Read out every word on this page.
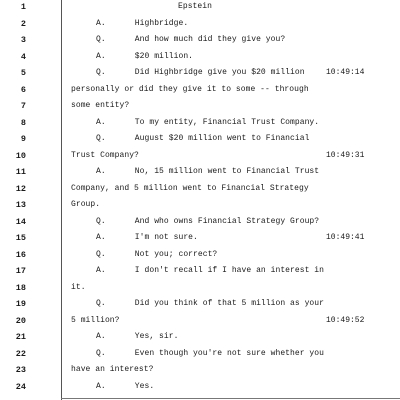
1	Epstein
2	A.      Highbridge.
3	Q.      And how much did they give you?
4	A.      $20 million.
5	Q.      Did Highbridge give you $20 million	10:49:14
6	personally or did they give it to some -- through
7	some entity?
8	A.      To my entity, Financial Trust Company.
9	Q.      August $20 million went to Financial
10	Trust Company?	10:49:31
11	A.      No, 15 million went to Financial Trust
12	Company, and 5 million went to Financial Strategy
13	Group.
14	Q.      And who owns Financial Strategy Group?
15	A.      I'm not sure.	10:49:41
16	Q.      Not you; correct?
17	A.      I don't recall if I have an interest in
18	it.
19	Q.      Did you think of that 5 million as your
20	5 million?	10:49:52
21	A.      Yes, sir.
22	Q.      Even though you're not sure whether you
23	have an interest?
24	A.      Yes.
